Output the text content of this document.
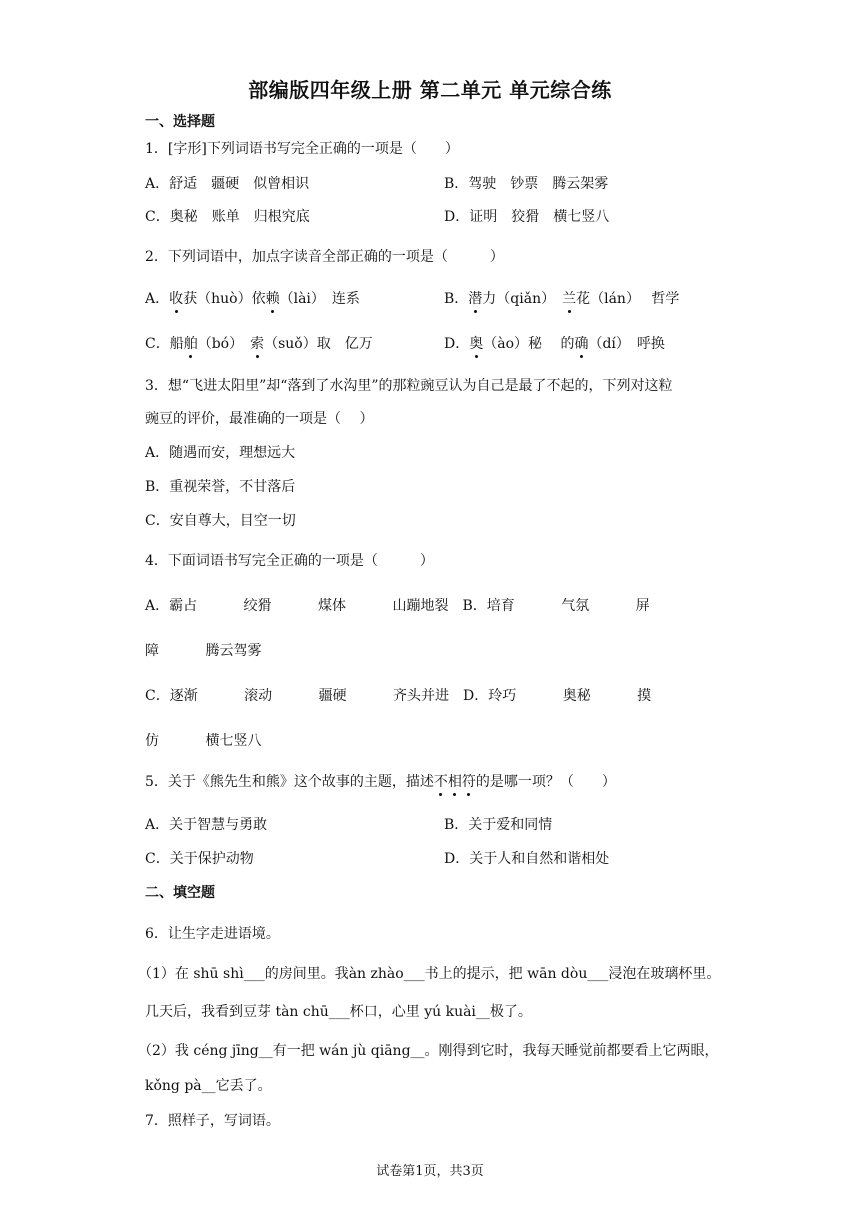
部编版四年级上册 第二单元 单元综合练
一、选择题
1．[字形]下列词语书写完全正确的一项是（　　）
A．舒适　疆硬　似曾相识	B．驾驶　钞票　腾云架雾
C．奥秘　账单　归根究底	D．证明　狡猾　横七竖八
2．下列词语中，加点字读音全部正确的一项是（　　　）
A．收获（huò）依赖（lài）　连系	B．潜力（qiǎn）　兰花（lán）　 哲学
C．船舶（bó）　索（suǒ）取　亿万	D．奥（ào）秘　 的确（dí）　呼换
3．想“飞进太阳里”却“落到了水沟里”的那粒豌豆认为自己是最了不起的，下列对这粒
豌豆的评价，最准确的一项是（　 ）
A．随遇而安，理想远大
B．重视荣誉，不甘落后
C．安自尊大，目空一切
4．下面词语书写完全正确的一项是（　　　）
A．霸占　　　 绞猾　　　 煤体　　　 山蹦地裂　B．培育　　　 气氛　　　 屏
障　　　 腾云驾雾
C．逐渐　　　 滚动　　　 疆硬　　　 齐头并进　D．玲巧　　　 奥秘　　　 摸
仿　　　 横七竖八
5．关于《熊先生和熊》这个故事的主题，描述不相符的是哪一项？（　　）
A．关于智慧与勇敢	B．关于爱和同情
C．关于保护动物	D．关于人和自然和谐相处
二、填空题
6．让生字走进语境。
（1）在 shū shì___的房间里。我àn zhào___书上的提示，把 wān dòu___浸泡在玻璃杯里。
几天后，我看到豆芽 tàn chū___杯口，心里 yú kuài__极了。
（2）我 céng jīng__有一把 wán jù qiāng__。刚得到它时，我每天睡觉前都要看上它两眼，
kǒng pà__它丢了。
7．照样子，写词语。
试卷第1页，共3页
